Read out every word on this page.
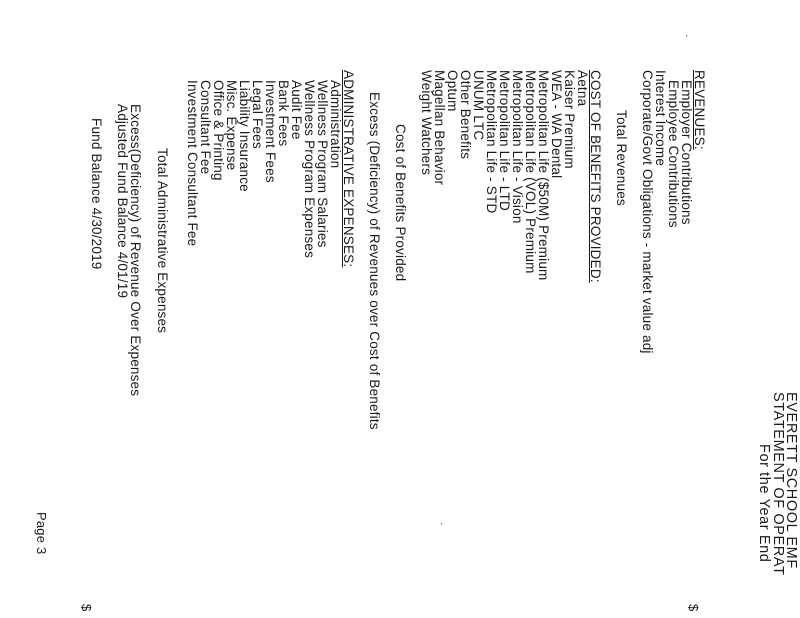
EVERETT SCHOOL EMF
STATEMENT OF OPERAT
For the Year End
REVENUES:
Employer Contributions
Employee Contributions
Interest Income
Corporate/Govt Obligations - market value adj
Total Revenues
COST OF BENEFITS PROVIDED:
Aetna
Kaiser Premium
WEA - WA Dental
Metropolitan Life ($50M) Premium
Metropolitan Life (VOL) Premium
Metropolitan Life - Vision
Metropolitan Life - LTD
Metropolitan Life - STD
UNUM LTC
Other Benefits
Optum
Magellan Behavior
Weight Watchers
Cost of Benefits Provided
Excess (Deficiency) of Revenues over Cost of Benefits
ADMINISTRATIVE EXPENSES:
Administration
Wellness Program Salaries
Wellness Program Expenses
Audit Fee
Bank Fees
Investment Fees
Legal Fees
Liability Insurance
Misc. Expense
Office & Printing
Consultant Fee
Investment Consultant Fee
Total Administrative Expenses
Excess(Deficiency) of Revenue Over Expenses
Adjusted Fund Balance 4/01/19
Fund Balance 4/30/2019
Page 3
$
$
·
·
